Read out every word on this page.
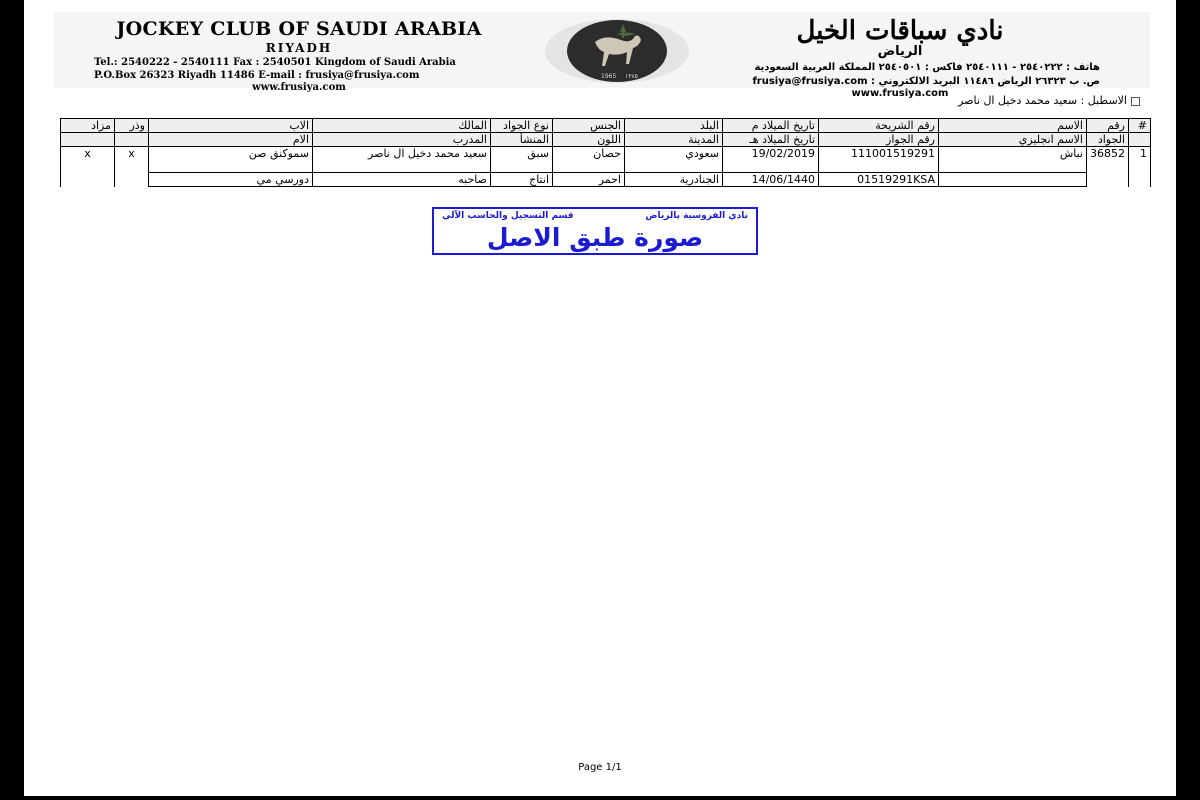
JOCKEY CLUB OF SAUDI ARABIA
RIYADH
Tel.: 2540222 - 2540111 Fax : 2540501 Kingdom of Saudi Arabia
P.O.Box 26323 Riyadh 11486 E-mail : frusiya@frusiya.com
www.frusiya.com
1965 ١٣٨٥
نادي سباقات الخيل
الرياض
هاتف : ٢٥٤٠٢٢٢ - ٢٥٤٠١١١ فاكس : ٢٥٤٠٥٠١ المملكة العربية السعودية
ص. ب ٢٦٣٢٣ الرياض ١١٤٨٦ البريد الالكتروني : frusiya@frusiya.com
www.frusiya.com
الاسطبل : سعيد محمد دخيل ال ناصر
#	رقم	الاسم	رقم الشريحة	تاريخ الميلاد م	البلد	الجنس	نوع الجواد	المالك	الاب	وذر	مزاد
	الجواد	الاسم انجليزي	رقم الجواز	تاريخ الميلاد هـ	المدينة	اللون	المنشأ	المدرب	الام		
1	36852	نباش	111001519291	19/02/2019	سعودي	حصان	سبق	سعيد محمد دخيل ال ناصر	سموكنق صن	x	x
			01519291KSA	14/06/1440	الجنادرية	احمر	انتاج	صاحبه	دورسي مي		
نادي الفروسية بالرياض
قسم التسجيل والحاسب الآلي
صورة طبق الاصل
Page 1/1
